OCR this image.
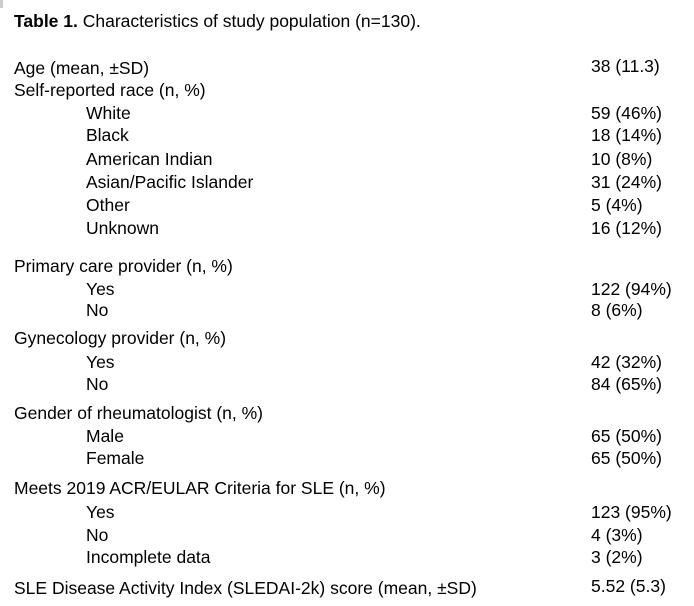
Table 1. Characteristics of study population (n=130).
Age (mean, ±SD)	38 (11.3)
Self-reported race (n, %)
White	59 (46%)
Black	18 (14%)
American Indian	10 (8%)
Asian/Pacific Islander	31 (24%)
Other	5 (4%)
Unknown	16 (12%)
Primary care provider (n, %)
Yes	122 (94%)
No	8 (6%)
Gynecology provider (n, %)
Yes	42 (32%)
No	84 (65%)
Gender of rheumatologist (n, %)
Male	65 (50%)
Female	65 (50%)
Meets 2019 ACR/EULAR Criteria for SLE (n, %)
Yes	123 (95%)
No	4 (3%)
Incomplete data	3 (2%)
SLE Disease Activity Index (SLEDAI-2k) score (mean, ±SD)	5.52 (5.3)
